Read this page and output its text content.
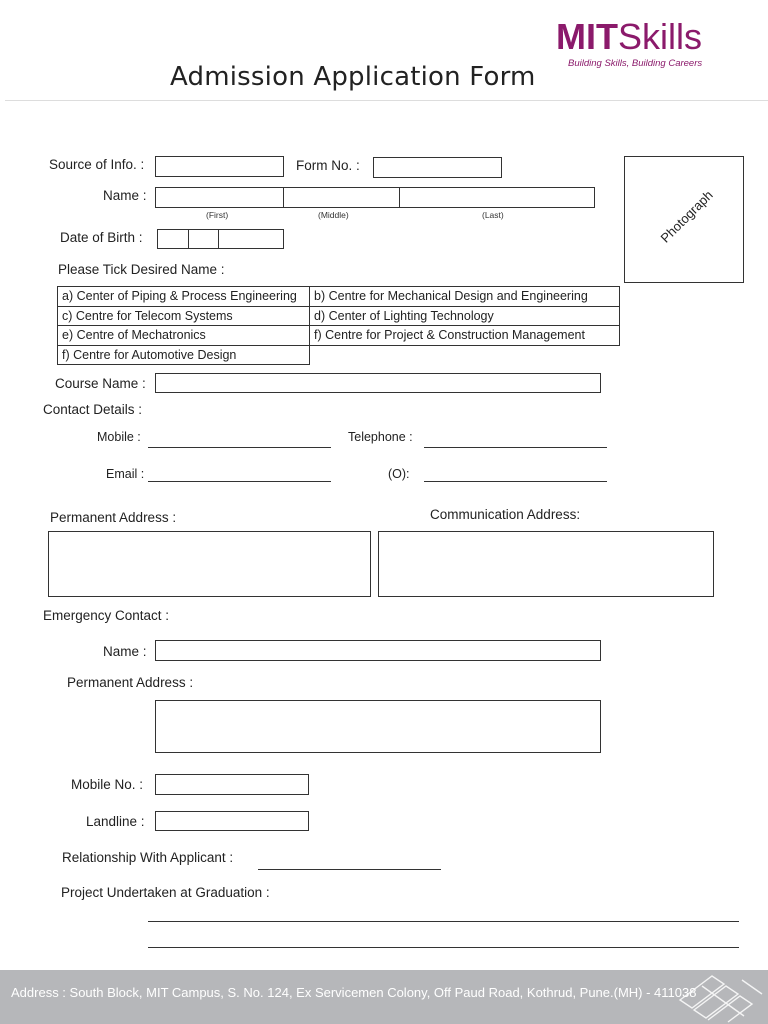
MITSkills
Building Skills, Building Careers
Admission Application Form
Source of Info. :	Form No. :
Name :
(First)	(Middle)	(Last)
Date of Birth :	Photograph
Please Tick Desired Name :
a) Center of Piping & Process Engineering	b) Centre for Mechanical Design and Engineering
c) Centre for Telecom Systems	d) Center of Lighting Technology
e) Centre of Mechatronics	f) Centre for Project & Construction Management
f) Centre for Automotive Design	
Course Name :
Contact Details :
Mobile :	Telephone :
Email :	(O):
Permanent Address :	Communication Address:
Emergency Contact :
Name :
Permanent Address :
Mobile No. :
Landline :
Relationship With Applicant :
Project Undertaken at Graduation :
Address : South Block, MIT Campus, S. No. 124, Ex Servicemen Colony, Off Paud Road, Kothrud, Pune.(MH) - 411038
